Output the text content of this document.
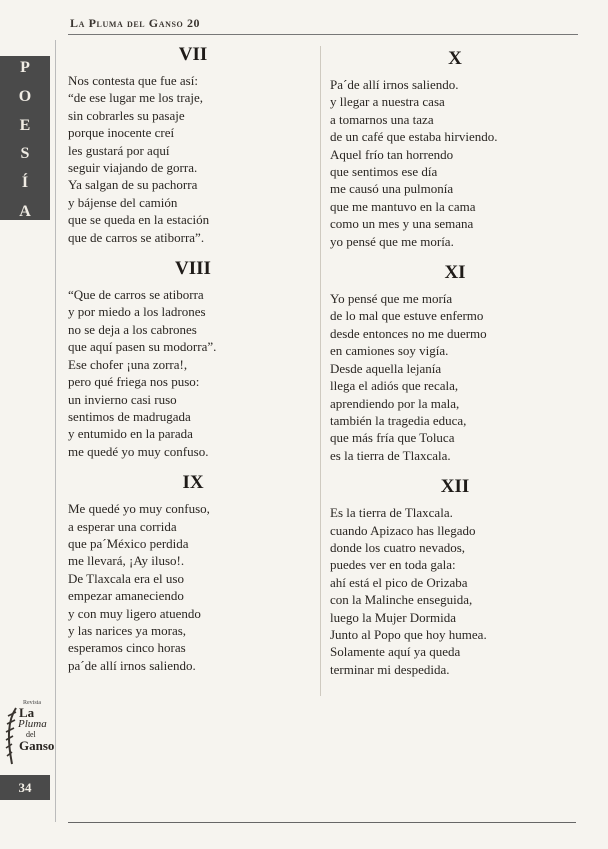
La Pluma del Ganso 20
P
O
E
S
Í
A
VII
Nos contesta que fue así:
“de ese lugar me los traje,
sin cobrarles su pasaje
porque inocente creí
les gustará por aquí
seguir viajando de gorra.
Ya salgan de su pachorra
y bájense del camión
que se queda en la estación
que de carros se atiborra”.
VIII
“Que de carros se atiborra
y por miedo a los ladrones
no se deja a los cabrones
que aquí pasen su modorra”.
Ese chofer ¡una zorra!,
pero qué friega nos puso:
un invierno casi ruso
sentimos de madrugada
y entumido en la parada
me quedé yo muy confuso.
IX
Me quedé yo muy confuso,
a esperar una corrida
que pa´México perdida
me llevará, ¡Ay iluso!.
De Tlaxcala era el uso
empezar amaneciendo
y con muy ligero atuendo
y las narices ya moras,
esperamos cinco horas
pa´de allí irnos saliendo.
X
Pa´de allí irnos saliendo.
y llegar a nuestra casa
a tomarnos una taza
de un café que estaba hirviendo.
Aquel frío tan horrendo
que sentimos ese día
me causó una pulmonía
que me mantuvo en la cama
como un mes y una semana
yo pensé que me moría.
XI
Yo pensé que me moría
de lo mal que estuve enfermo
desde entonces no me duermo
en camiones soy vigía.
Desde aquella lejanía
llega el adiós que recala,
aprendiendo por la mala,
también la tragedia educa,
que más fría que Toluca
es la tierra de Tlaxcala.
XII
Es la tierra de Tlaxcala.
cuando Apizaco has llegado
donde los cuatro nevados,
puedes ver en toda gala:
ahí está el pico de Orizaba
con la Malinche enseguida,
luego la Mujer Dormida
Junto al Popo que hoy humea.
Solamente aquí ya queda
terminar mi despedida.
Revista
La
Pluma
del
Ganso
34
